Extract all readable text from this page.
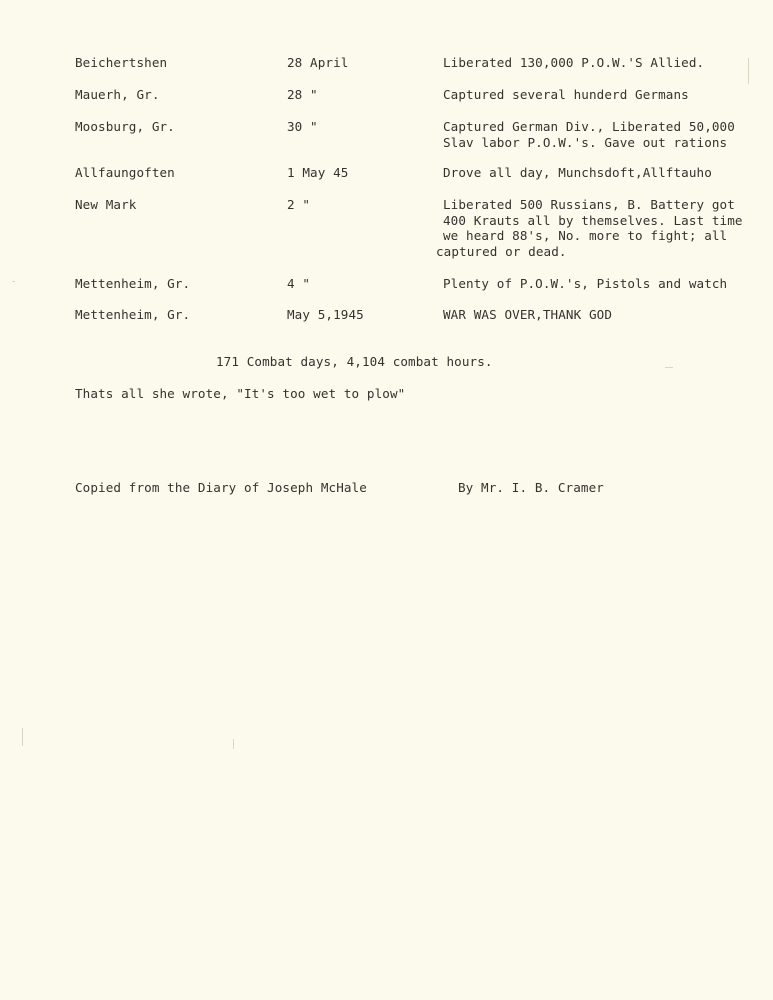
Beichertshen	28 April	Liberated 130,000 P.O.W.'S Allied.
Mauerh, Gr.	28 "	Captured several hunderd Germans
Moosburg, Gr.	30 "	Captured German Div., Liberated 50,000
Slav labor P.O.W.'s. Gave out rations
Allfaungoften	1 May 45	Drove all day, Munchsdoft,Allftauho
New Mark	2 "	Liberated 500 Russians, B. Battery got
400 Krauts all by themselves. Last time
we heard 88's, No. more to fight; all
captured or dead.
Mettenheim, Gr.	4 "	Plenty of P.O.W.'s, Pistols and watch
Mettenheim, Gr.	May 5,1945	WAR WAS OVER,THANK GOD
171 Combat days, 4,104 combat hours.
Thats all she wrote, "It's too wet to plow"
Copied from the Diary of Joseph McHale	By Mr. I. B. Cramer
